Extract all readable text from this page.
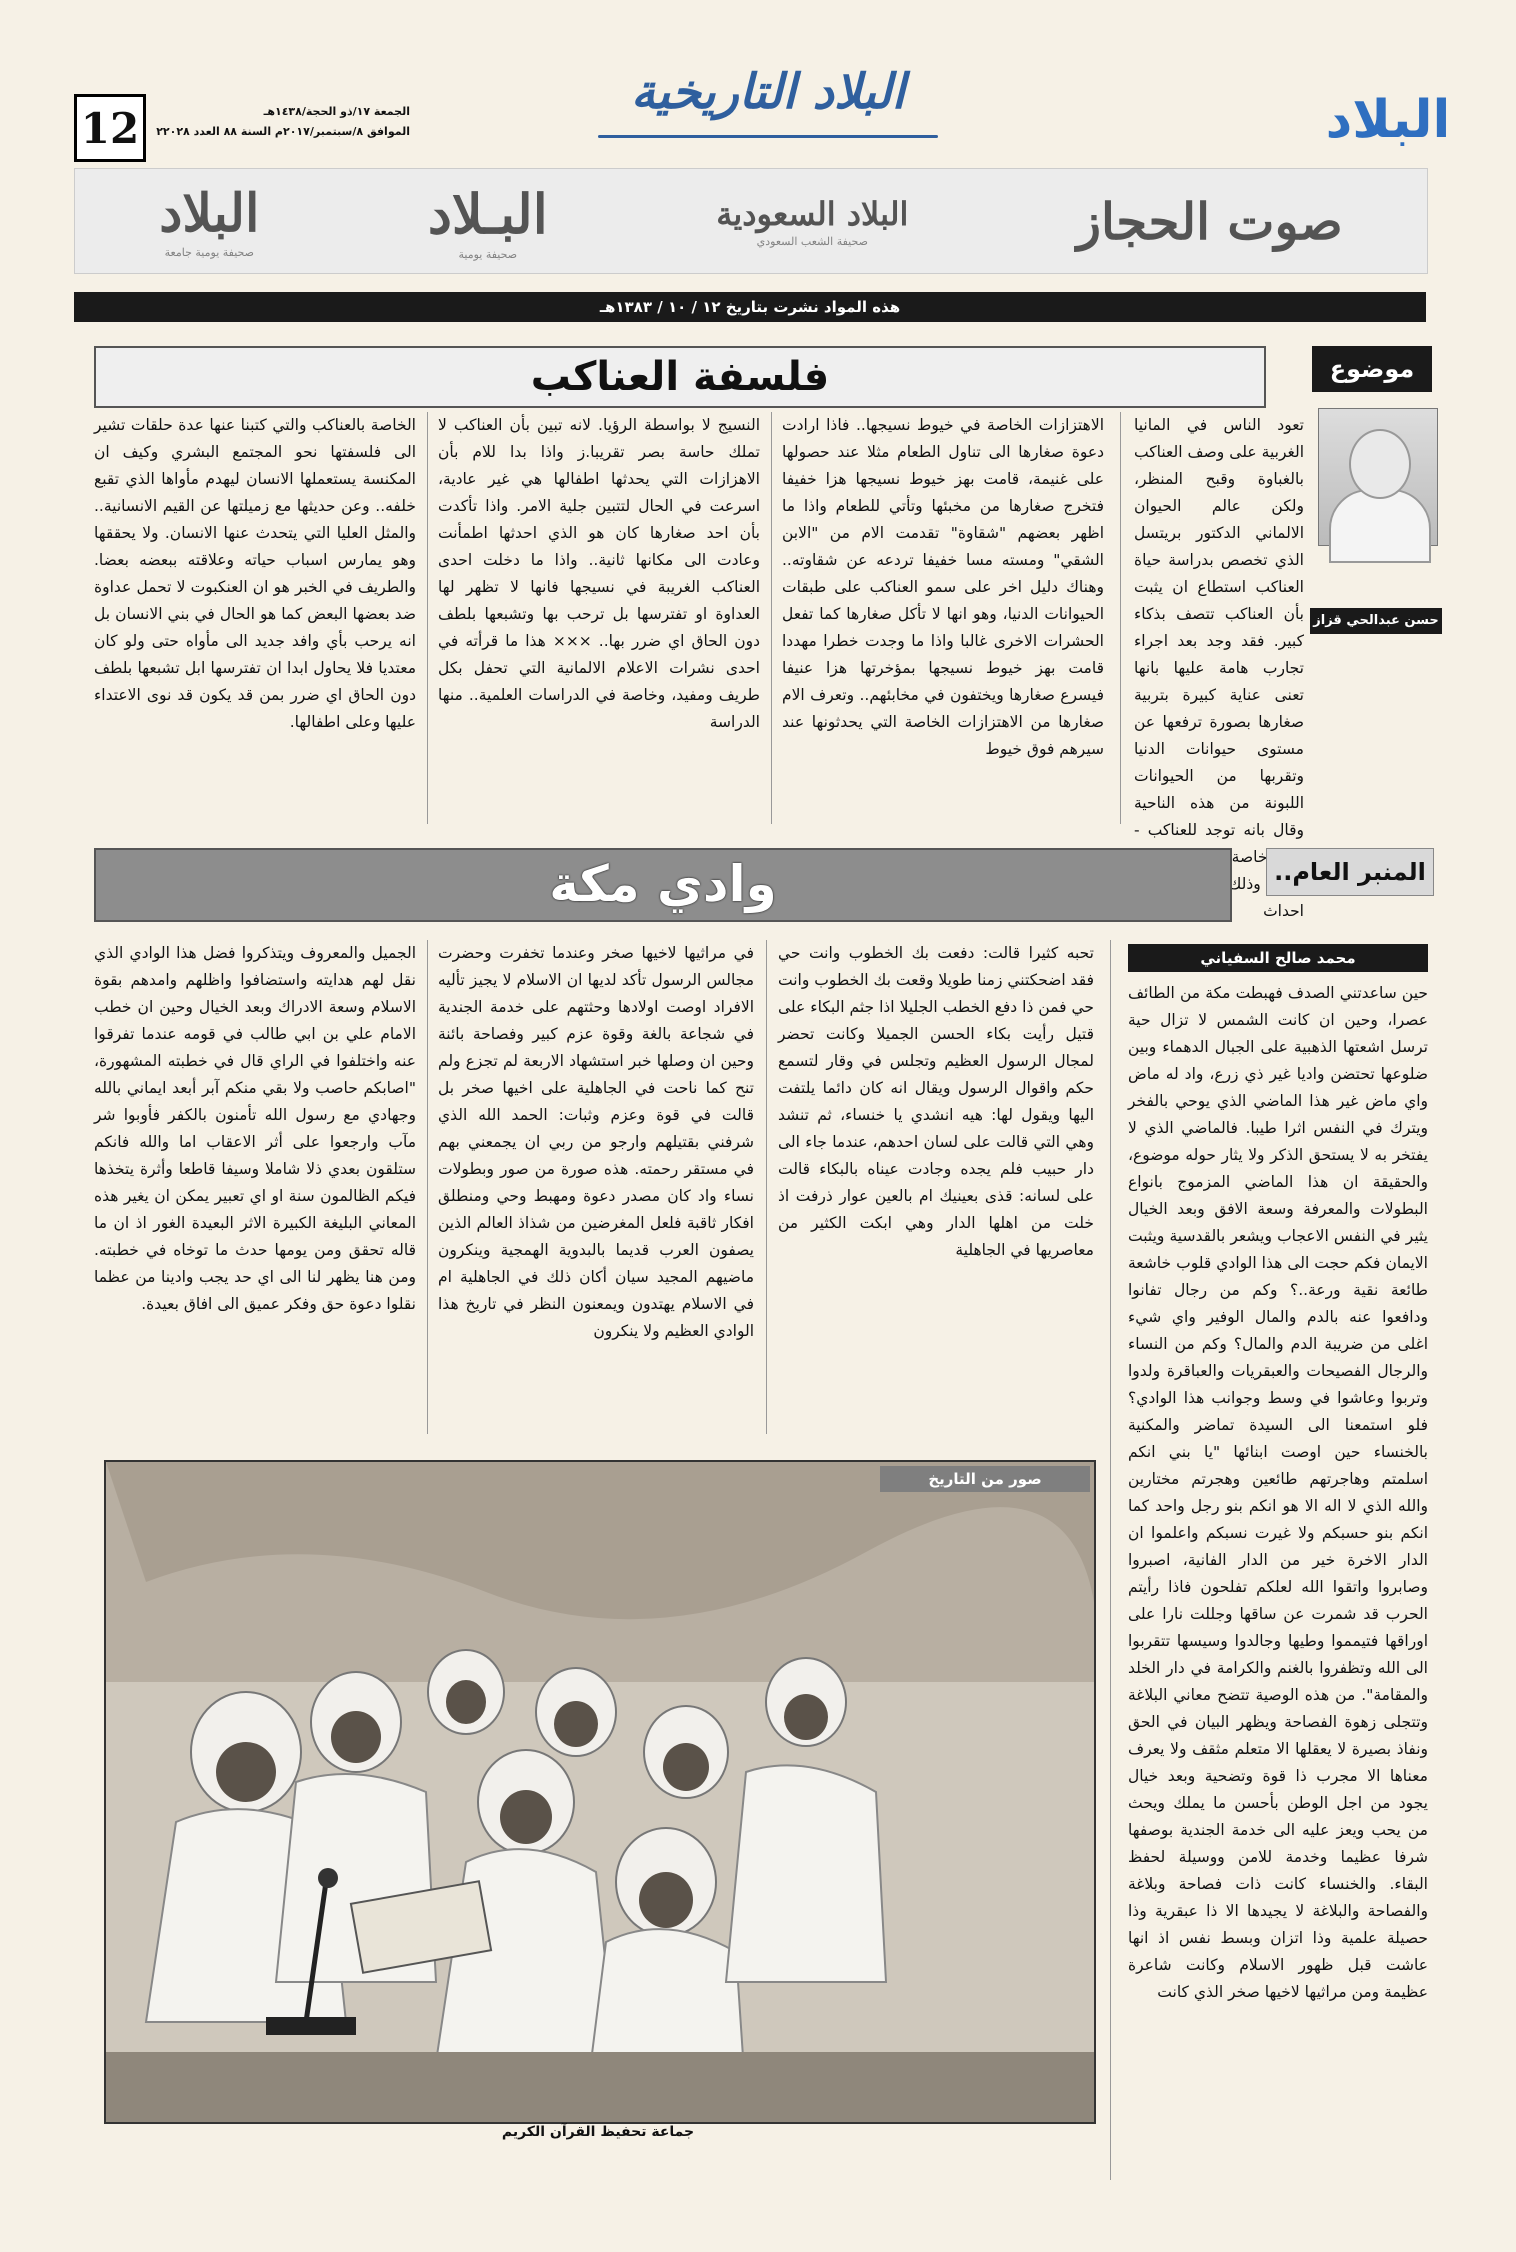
12	الجمعة ١٧/ذو الحجة/١٤٣٨هـ
الموافق ٨/سبتمبر/٢٠١٧م السنة ٨٨ العدد ٢٢٠٢٨
البلاد التاريخية	البلاد
البلاد
صحيفة يومية جامعة
البـلاد
صحيفة يومية
البلاد السعودية
صحيفة الشعب السعودي	صوت الحجاز
هذه المواد نشرت بتاريخ ١٢ / ١٠ / ١٣٨٣هـ
موضوع
فلسفة العناكب
حسن عبدالحي قزاز

تعود الناس في المانيا الغربية على وصف العناكب بالغباوة وقبح المنظر، ولكن عالم الحيوان الالماني الدكتور بريتسل الذي تخصص بدراسة حياة العناكب استطاع ان يثبت بأن العناكب تتصف بذكاء كبير. فقد وجد بعد اجراء تجارب هامة عليها بانها تعنى عناية كبيرة بتربية صغارها بصورة ترفعها عن مستوى حيوانات الدنيا وتقربها من الحيوانات اللبونة من هذه الناحية وقال بانه توجد للعناكب - خاصة وذلك احداث

الاهتزازات الخاصة في خيوط نسيجها.. فاذا ارادت دعوة صغارها الى تناول الطعام مثلا عند حصولها على غنيمة، قامت بهز خيوط نسيجها هزا خفيفا فتخرج صغارها من مخبئها وتأتي للطعام واذا ما اظهر بعضهم "شقاوة" تقدمت الام من "الابن الشقي" ومسته مسا خفيفا تردعه عن شقاوته.. وهناك دليل اخر على سمو العناكب على طبقات الحيوانات الدنيا، وهو انها لا تأكل صغارها كما تفعل الحشرات الاخرى غالبا واذا ما وجدت خطرا مهددا قامت بهز خيوط نسيجها بمؤخرتها هزا عنيفا فيسرع صغارها ويختفون في مخابئهم.. وتعرف الام صغارها من الاهتزازات الخاصة التي يحدثونها عند سيرهم فوق خيوط

النسيج لا بواسطة الرؤيا. لانه تبين بأن العناكب لا تملك حاسة بصر تقريبا.ز واذا بدا للام بأن الاهزازات التي يحدثها اطفالها هي غير عادية، اسرعت في الحال لتتبين جلية الامر. واذا تأكدت بأن احد صغارها كان هو الذي احدثها اطمأنت وعادت الى مكانها ثانية.. واذا ما دخلت احدى العناكب الغريبة في نسيجها فانها لا تظهر لها العداوة او تفترسها بل ترحب بها وتشبعها بلطف دون الحاق اي ضرر بها.. ××× هذا ما قرأته في احدى نشرات الاعلام الالمانية التي تحفل بكل طريف ومفيد، وخاصة في الدراسات العلمية.. منها الدراسة

الخاصة بالعناكب والتي كتبنا عنها عدة حلقات تشير الى فلسفتها نحو المجتمع البشري وكيف ان المكنسة يستعملها الانسان ليهدم مأواها الذي تقبع خلفه.. وعن حديثها مع زميلتها عن القيم الانسانية.. والمثل العليا التي يتحدث عنها الانسان. ولا يحققها وهو يمارس اسباب حياته وعلاقته ببعضه بعضا. والطريف في الخبر هو ان العنكبوت لا تحمل عداوة ضد بعضها البعض كما هو الحال في بني الانسان بل انه يرحب بأي وافد جديد الى مأواه حتى ولو كان معتديا فلا يحاول ابدا ان تفترسها ابل تشبعها بلطف دون الحاق اي ضرر بمن قد يكون قد نوى الاعتداء عليها وعلى اطفالها.

المنبر العام..
وادي مكة
محمد صالح السفياني

حين ساعدتني الصدف فهبطت مكة من الطائف عصرا، وحين ان كانت الشمس لا تزال حية ترسل اشعتها الذهبية على الجبال الدهماء وبين ضلوعها تحتضن واديا غير ذي زرع، واد له ماض واي ماض غير هذا الماضي الذي يوحي بالفخر ويترك في النفس اثرا طيبا. فالماضي الذي لا يفتخر به لا يستحق الذكر ولا يثار حوله موضوع، والحقيقة ان هذا الماضي المزموج بانواع البطولات والمعرفة وسعة الافق وبعد الخيال يثير في النفس الاعجاب ويشعر بالقدسية ويثبت الايمان فكم حجت الى هذا الوادي قلوب خاشعة طائعة نقية ورعة..؟ وكم من رجال تفانوا ودافعوا عنه بالدم والمال الوفير واي شيء اغلى من ضريبة الدم والمال؟ وكم من النساء والرجال الفصيحات والعبقريات والعباقرة ولدوا وتربوا وعاشوا في وسط وجوانب هذا الوادي؟ فلو استمعنا الى السيدة تماضر والمكنية بالخنساء حين اوصت ابنائها "يا بني انكم اسلمتم وهاجرتهم طائعين وهجرتم مختارين والله الذي لا اله الا هو انكم بنو رجل واحد كما انكم بنو حسبكم ولا غيرت نسبكم واعلموا ان الدار الاخرة خير من الدار الفانية، اصبروا وصابروا واتقوا الله لعلكم تفلحون فاذا رأيتم الحرب قد شمرت عن ساقها وجللت نارا على اوراقها فتيمموا وطيها وجالدوا وسيسها تتقربوا الى الله وتظفروا بالغنم والكرامة في دار الخلد والمقامة". من هذه الوصية تتضح معاني البلاغة وتتجلى زهوة الفصاحة ويظهر البيان في الحق ونفاذ بصيرة لا يعقلها الا متعلم مثقف ولا يعرف معناها الا مجرب ذا قوة وتضحية وبعد خيال يجود من اجل الوطن بأحسن ما يملك ويحث من يحب ويعز عليه الى خدمة الجندية بوصفها شرفا عظيما وخدمة للامن ووسيلة لحفظ البقاء. والخنساء كانت ذات فصاحة وبلاغة والفصاحة والبلاغة لا يجيدها الا ذا عبقرية وذا حصيلة علمية وذا اتزان وبسط نفس اذ انها عاشت قبل ظهور الاسلام وكانت شاعرة عظيمة ومن مراثيها لاخيها صخر الذي كانت

تحبه كثيرا قالت: دفعت بك الخطوب وانت حي فقد اضحكتني زمنا طويلا وقعت بك الخطوب وانت حي فمن ذا دفع الخطب الجليلا اذا جثم البكاء على قتيل رأيت بكاء الحسن الجميلا وكانت تحضر لمجال الرسول العظيم وتجلس في وقار لتسمع حكم واقوال الرسول ويقال انه كان دائما يلتفت اليها ويقول لها: هيه انشدي يا خنساء، ثم تنشد وهي التي قالت على لسان احدهم، عندما جاء الى دار حبيب فلم يجده وجادت عيناه بالبكاء قالت على لسانه: قذى بعينيك ام بالعين عوار ذرفت اذ خلت من اهلها الدار وهي ابكت الكثير من معاصريها في الجاهلية

في مراثيها لاخيها صخر وعندما تخفرت وحضرت مجالس الرسول تأكد لديها ان الاسلام لا يجيز تأليه الافراد اوصت اولادها وحثتهم على خدمة الجندية في شجاعة بالغة وقوة عزم كبير وفصاحة بائنة وحين ان وصلها خبر استشهاد الاربعة لم تجزع ولم تنح كما ناحت في الجاهلية على اخيها صخر بل قالت في قوة وعزم وثبات: الحمد الله الذي شرفني بقتيلهم وارجو من ربي ان يجمعني بهم في مستقر رحمته. هذه صورة من صور وبطولات نساء واد كان مصدر دعوة ومهبط وحي ومنطلق افكار ثاقبة فلعل المغرضين من شذاذ العالم الذين يصفون العرب قديما بالبدوية الهمجية وينكرون ماضيهم المجيد سيان أكان ذلك في الجاهلية ام في الاسلام يهتدون ويمعنون النظر في تاريخ هذا الوادي العظيم ولا ينكرون

الجميل والمعروف ويتذكروا فضل هذا الوادي الذي نقل لهم هدايته واستضافوا واظلهم وامدهم بقوة الاسلام وسعة الادراك وبعد الخيال وحين ان خطب الامام علي بن ابي طالب في قومه عندما تفرقوا عنه واختلفوا في الراي قال في خطبته المشهورة، "اصابكم حاصب ولا بقي منكم آبر أبعد ايماني بالله وجهادي مع رسول الله تأمنون بالكفر فأوبوا شر مآب وارجعوا على أثر الاعقاب اما والله فانكم ستلقون بعدي ذلا شاملا وسيفا قاطعا وأثرة يتخذها فيكم الظالمون سنة او اي تعبير يمكن ان يغير هذه المعاني البليغة الكبيرة الاثر البعيدة الغور اذ ان ما قاله تحقق ومن يومها حدث ما توخاه في خطبته. ومن هنا يظهر لنا الى اي حد يجب وادينا من عظما نقلوا دعوة حق وفكر عميق الى افاق بعيدة.

صور من التاريخ
جماعة تحفيظ القرآن الكريم
